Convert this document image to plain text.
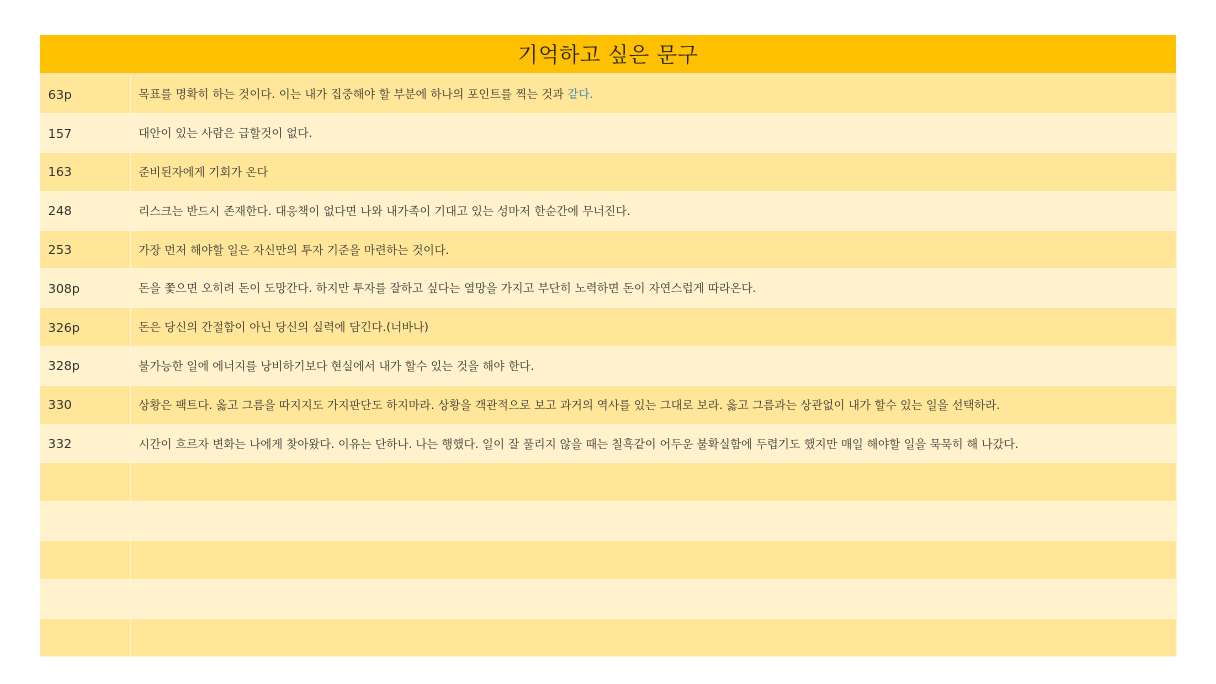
기억하고 싶은 문구
63p	목표를 명확히 하는 것이다. 이는 내가 집중해야 할 부분에 하나의 포인트를 찍는 것과 같다.
157	대안이 있는 사람은 급할것이 없다.
163	준비된자에게 기회가 온다
248	리스크는 반드시 존재한다. 대응책이 없다면 나와 내가족이 기대고 있는 성마저 한순간에 무너진다.
253	가장 먼저 해야할 일은 자신만의 투자 기준을 마련하는 것이다.
308p	돈을 쫓으면 오히려 돈이 도망간다. 하지만 투자를 잘하고 싶다는 열망을 가지고 부단히 노력하면 돈이 자연스럽게 따라온다.
326p	돈은 당신의 간절함이 아닌 당신의 실력에 담긴다.(너바나)
328p	불가능한 일에 에너지를 낭비하기보다 현실에서 내가 할수 있는 것을 해야 한다.
330	상황은 팩트다. 옳고 그름을 따지지도 가지판단도 하지마라. 상황을 객관적으로 보고 과거의 역사를 있는 그대로 보라. 옳고 그름과는 상관없이 내가 할수 있는 일을 선택하라.
332	시간이 흐르자 변화는 나에게 찾아왔다. 이유는 단하나. 나는 행했다. 일이 잘 풀리지 않을 때는 칠흑같이 어두운 불확실함에 두렵기도 했지만 매일 해야할 일을 묵묵히 해 나갔다.
